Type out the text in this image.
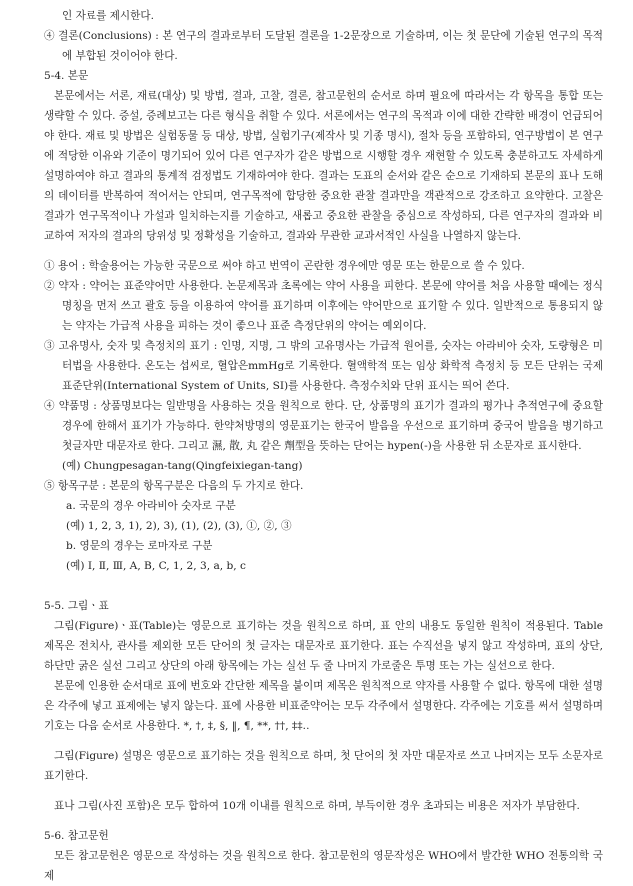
인 자료를 제시한다.

④ 결론(Conclusions) : 본 연구의 결과로부터 도달된 결론을 1-2문장으로 기술하며, 이는 첫 문단에 기술된 연구의 목적에 부합된 것이어야 한다.

5-4. 본문

본문에서는 서론, 재료(대상) 및 방법, 결과, 고찰, 결론, 참고문헌의 순서로 하며 필요에 따라서는 각 항목을 통합 또는 생략할 수 있다. 증설, 증례보고는 다른 형식을 취할 수 있다. 서론에서는 연구의 목적과 이에 대한 간략한 배경이 언급되어야 한다. 재료 및 방법은 실험동물 등 대상, 방법, 실험기구(제작사 및 기종 명시), 절차 등을 포함하되, 연구방법이 본 연구에 적당한 이유와 기준이 명기되어 있어 다른 연구자가 같은 방법으로 시행할 경우 재현할 수 있도록 충분하고도 자세하게 설명하여야 하고 결과의 통계적 검정법도 기재하여야 한다. 결과는 도표의 순서와 같은 순으로 기재하되 본문의 표나 도해의 데이터를 반복하여 적어서는 안되며, 연구목적에 합당한 중요한 관찰 결과만을 객관적으로 강조하고 요약한다. 고찰은 결과가 연구목적이나 가설과 일치하는지를 기술하고, 새롭고 중요한 관찰을 중심으로 작성하되, 다른 연구자의 결과와 비교하여 저자의 결과의 당위성 및 정확성을 기술하고, 결과와 무관한 교과서적인 사실을 나열하지 않는다.

① 용어 : 학술용어는 가능한 국문으로 써야 하고 번역이 곤란한 경우에만 영문 또는 한문으로 쓸 수 있다.

② 약자 : 약어는 표준약어만 사용한다. 논문제목과 초록에는 약어 사용을 피한다. 본문에 약어를 처음 사용할 때에는 정식명칭을 먼저 쓰고 괄호 등을 이용하여 약어를 표기하며 이후에는 약어만으로 표기할 수 있다. 일반적으로 통용되지 않는 약자는 가급적 사용을 피하는 것이 좋으나 표준 측정단위의 약어는 예외이다.

③ 고유명사, 숫자 및 측정치의 표기 : 인명, 지명, 그 밖의 고유명사는 가급적 원어를, 숫자는 아라비아 숫자, 도량형은 미터법을 사용한다. 온도는 섭씨로, 혈압은mmHg로 기록한다. 혈액학적 또는 임상 화학적 측정치 등 모든 단위는 국제표준단위(International System of Units, SI)를 사용한다. 측정수치와 단위 표시는 띄어 쓴다.

④ 약품명 : 상품명보다는 일반명을 사용하는 것을 원칙으로 한다. 단, 상품명의 표기가 결과의 평가나 추적연구에 중요할 경우에 한해서 표기가 가능하다. 한약처방명의 영문표기는 한국어 발음을 우선으로 표기하며 중국어 발음을 병기하고 첫글자만 대문자로 한다. 그리고 濕, 散, 丸 같은 劑型을 뜻하는 단어는 hypen(-)을 사용한 뒤 소문자로 표시한다.

(예) Chungpesagan-tang(Qingfeixiegan-tang)

⑤ 항목구분 : 본문의 항목구분은 다음의 두 가지로 한다.

a. 국문의 경우 아라비아 숫자로 구분

(예) 1, 2, 3, 1), 2), 3), (1), (2), (3), ①, ②, ③

b. 영문의 경우는 로마자로 구분

(예) Ⅰ, Ⅱ, Ⅲ, A, B, C, 1, 2, 3, a, b, c

5-5. 그림ㆍ표

그림(Figure)ㆍ표(Table)는 영문으로 표기하는 것을 원칙으로 하며, 표 안의 내용도 동일한 원칙이 적용된다. Table 제목은 전치사, 관사를 제외한 모든 단어의 첫 글자는 대문자로 표기한다. 표는 수직선을 넣지 않고 작성하며, 표의 상단, 하단만 굵은 실선 그리고 상단의 아래 항목에는 가는 실선 두 줄 나머지 가로줄은 투명 또는 가는 실선으로 한다.

본문에 인용한 순서대로 표에 번호와 간단한 제목을 붙이며 제목은 원칙적으로 약자를 사용할 수 없다. 항목에 대한 설명은 각주에 넣고 표제에는 넣지 않는다. 표에 사용한 비표준약어는 모두 각주에서 설명한다. 각주에는 기호를 써서 설명하며 기호는 다음 순서로 사용한다. *, †, ‡, §, ‖, ¶, **, ††, ‡‡‥

그림(Figure) 설명은 영문으로 표기하는 것을 원칙으로 하며, 첫 단어의 첫 자만 대문자로 쓰고 나머지는 모두 소문자로 표기한다.

표나 그림(사진 포함)은 모두 합하여 10개 이내를 원칙으로 하며, 부득이한 경우 초과되는 비용은 저자가 부담한다.

5-6. 참고문헌

모든 참고문헌은 영문으로 작성하는 것을 원칙으로 한다. 참고문헌의 영문작성은 WHO에서 발간한 WHO 전통의학 국제
